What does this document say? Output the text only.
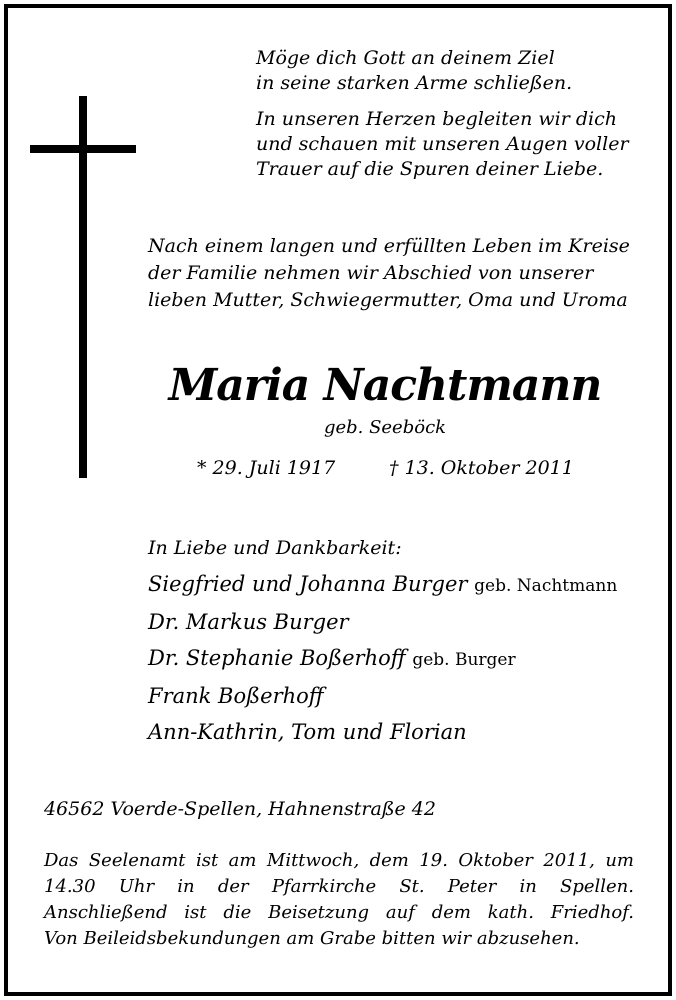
Möge dich Gott an deinem Ziel
in seine starken Arme schließen.
In unseren Herzen begleiten wir dich
und schauen mit unseren Augen voller
Trauer auf die Spuren deiner Liebe.
Nach einem langen und erfüllten Leben im Kreise
der Familie nehmen wir Abschied von unserer
lieben Mutter, Schwiegermutter, Oma und Uroma
Maria Nachtmann
geb. Seeböck
* 29. Juli 1917	† 13. Oktober 2011
In Liebe und Dankbarkeit:
Siegfried und Johanna Burger geb. Nachtmann
Dr. Markus Burger
Dr. Stephanie Boßerhoff geb. Burger
Frank Boßerhoff
Ann-Kathrin, Tom und Florian
46562 Voerde-Spellen, Hahnenstraße 42
Das Seelenamt ist am Mittwoch, dem 19. Oktober 2011, um
14.30 Uhr in der Pfarrkirche St. Peter in Spellen.
Anschließend ist die Beisetzung auf dem kath. Friedhof.
Von Beileidsbekundungen am Grabe bitten wir abzusehen.
